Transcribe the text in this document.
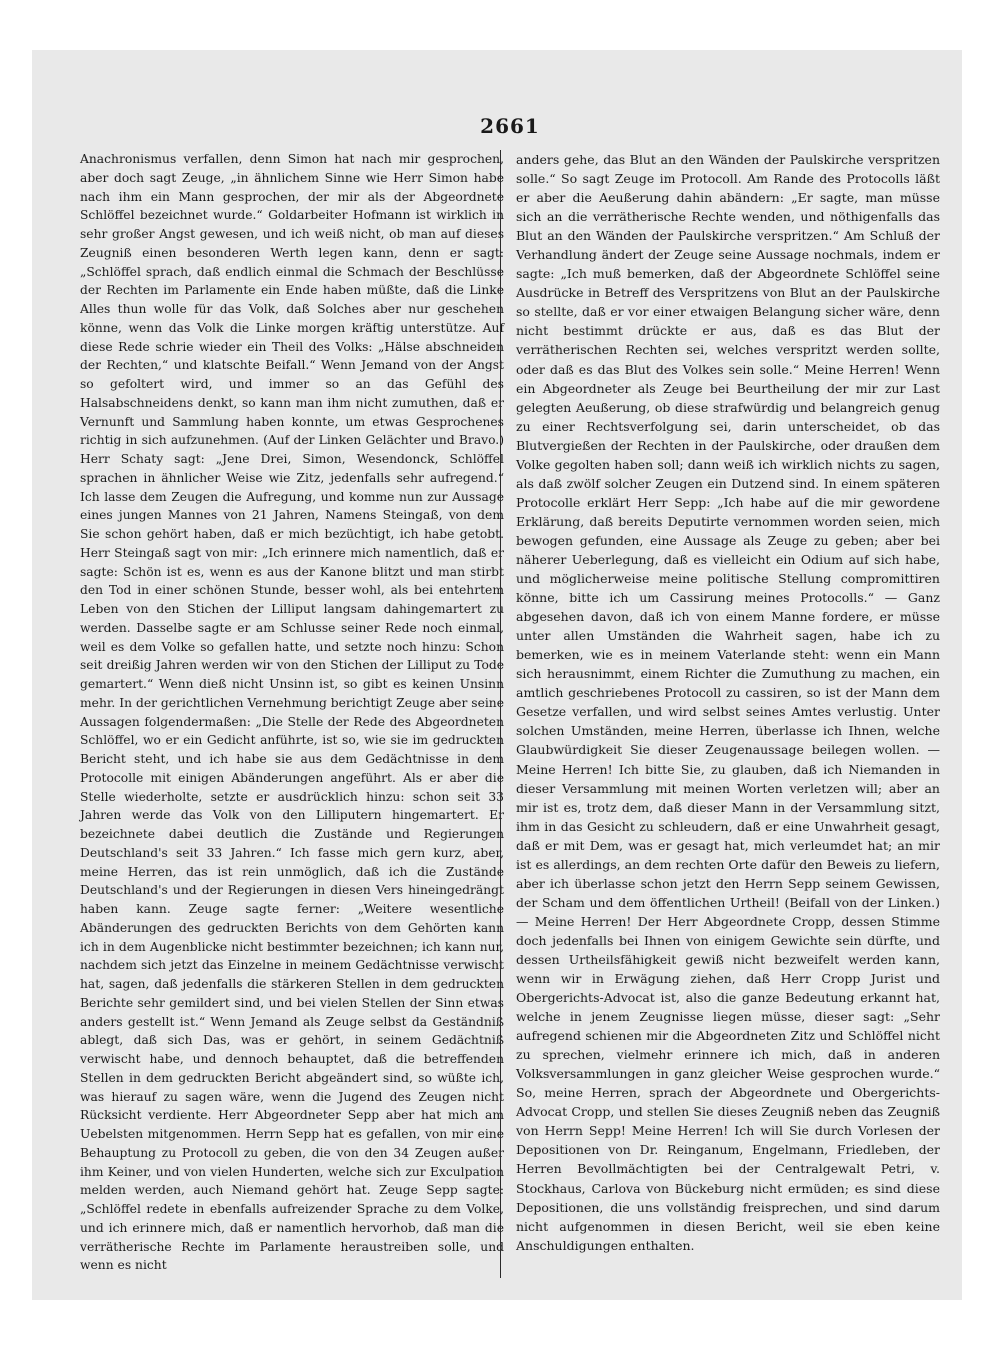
2661

Anachronismus verfallen, denn Simon hat nach mir gesprochen, aber doch sagt Zeuge, „in ähnlichem Sinne wie Herr Simon habe nach ihm ein Mann gesprochen, der mir als der Abgeordnete Schlöffel bezeichnet wurde.“ Goldarbeiter Hofmann ist wirklich in sehr großer Angst gewesen, und ich weiß nicht, ob man auf dieses Zeugniß einen besonderen Werth legen kann, denn er sagt: „Schlöffel sprach, daß endlich einmal die Schmach der Beschlüsse der Rechten im Parlamente ein Ende haben müßte, daß die Linke Alles thun wolle für das Volk, daß Solches aber nur geschehen könne, wenn das Volk die Linke morgen kräftig unterstütze. Auf diese Rede schrie wieder ein Theil des Volks: „Hälse abschneiden der Rechten,“ und klatschte Beifall.“ Wenn Jemand von der Angst so gefoltert wird, und immer so an das Gefühl des Halsabschneidens denkt, so kann man ihm nicht zumuthen, daß er Vernunft und Sammlung haben konnte, um etwas Gesprochenes richtig in sich aufzunehmen. (Auf der Linken Gelächter und Bravo.) Herr Schaty sagt: „Jene Drei, Simon, Wesendonck, Schlöffel sprachen in ähnlicher Weise wie Zitz, jedenfalls sehr aufregend.“ Ich lasse dem Zeugen die Aufregung, und komme nun zur Aussage eines jungen Mannes von 21 Jahren, Namens Steingaß, von dem Sie schon gehört haben, daß er mich bezüchtigt, ich habe getobt. Herr Steingaß sagt von mir: „Ich erinnere mich namentlich, daß er sagte: Schön ist es, wenn es aus der Kanone blitzt und man stirbt den Tod in einer schönen Stunde, besser wohl, als bei entehrtem Leben von den Stichen der Lilliput langsam dahingemartert zu werden. Dasselbe sagte er am Schlusse seiner Rede noch einmal, weil es dem Volke so gefallen hatte, und setzte noch hinzu: Schon seit dreißig Jahren werden wir von den Stichen der Lilliput zu Tode gemartert.“ Wenn dieß nicht Unsinn ist, so gibt es keinen Unsinn mehr. In der gerichtlichen Vernehmung berichtigt Zeuge aber seine Aussagen folgendermaßen: „Die Stelle der Rede des Abgeordneten Schlöffel, wo er ein Gedicht anführte, ist so, wie sie im gedruckten Bericht steht, und ich habe sie aus dem Gedächtnisse in dem Protocolle mit einigen Abänderungen angeführt. Als er aber die Stelle wiederholte, setzte er ausdrücklich hinzu: schon seit 33 Jahren werde das Volk von den Lilliputern hingemartert. Er bezeichnete dabei deutlich die Zustände und Regierungen Deutschland's seit 33 Jahren.“ Ich fasse mich gern kurz, aber, meine Herren, das ist rein unmöglich, daß ich die Zustände Deutschland's und der Regierungen in diesen Vers hineingedrängt haben kann. Zeuge sagte ferner: „Weitere wesentliche Abänderungen des gedruckten Berichts von dem Gehörten kann ich in dem Augenblicke nicht bestimmter bezeichnen; ich kann nur, nachdem sich jetzt das Einzelne in meinem Gedächtnisse verwischt hat, sagen, daß jedenfalls die stärkeren Stellen in dem gedruckten Berichte sehr gemildert sind, und bei vielen Stellen der Sinn etwas anders gestellt ist.“ Wenn Jemand als Zeuge selbst da Geständniß ablegt, daß sich Das, was er gehört, in seinem Gedächtniß verwischt habe, und dennoch behauptet, daß die betreffenden Stellen in dem gedruckten Bericht abgeändert sind, so wüßte ich, was hierauf zu sagen wäre, wenn die Jugend des Zeugen nicht Rücksicht verdiente. Herr Abgeordneter Sepp aber hat mich am Uebelsten mitgenommen. Herrn Sepp hat es gefallen, von mir eine Behauptung zu Protocoll zu geben, die von den 34 Zeugen außer ihm Keiner, und von vielen Hunderten, welche sich zur Exculpation melden werden, auch Niemand gehört hat. Zeuge Sepp sagte: „Schlöffel redete in ebenfalls aufreizender Sprache zu dem Volke, und ich erinnere mich, daß er namentlich hervorhob, daß man die verrätherische Rechte im Parlamente heraustreiben solle, und wenn es nicht

anders gehe, das Blut an den Wänden der Paulskirche verspritzen solle.“ So sagt Zeuge im Protocoll. Am Rande des Protocolls läßt er aber die Aeußerung dahin abändern: „Er sagte, man müsse sich an die verrätherische Rechte wenden, und nöthigenfalls das Blut an den Wänden der Paulskirche verspritzen.“ Am Schluß der Verhandlung ändert der Zeuge seine Aussage nochmals, indem er sagte: „Ich muß bemerken, daß der Abgeordnete Schlöffel seine Ausdrücke in Betreff des Verspritzens von Blut an der Paulskirche so stellte, daß er vor einer etwaigen Belangung sicher wäre, denn nicht bestimmt drückte er aus, daß es das Blut der verrätherischen Rechten sei, welches verspritzt werden sollte, oder daß es das Blut des Volkes sein solle.“ Meine Herren! Wenn ein Abgeordneter als Zeuge bei Beurtheilung der mir zur Last gelegten Aeußerung, ob diese strafwürdig und belangreich genug zu einer Rechtsverfolgung sei, darin unterscheidet, ob das Blutvergießen der Rechten in der Paulskirche, oder draußen dem Volke gegolten haben soll; dann weiß ich wirklich nichts zu sagen, als daß zwölf solcher Zeugen ein Dutzend sind. In einem späteren Protocolle erklärt Herr Sepp: „Ich habe auf die mir gewordene Erklärung, daß bereits Deputirte vernommen worden seien, mich bewogen gefunden, eine Aussage als Zeuge zu geben; aber bei näherer Ueberlegung, daß es vielleicht ein Odium auf sich habe, und möglicherweise meine politische Stellung compromittiren könne, bitte ich um Cassirung meines Protocolls.“ — Ganz abgesehen davon, daß ich von einem Manne fordere, er müsse unter allen Umständen die Wahrheit sagen, habe ich zu bemerken, wie es in meinem Vaterlande steht: wenn ein Mann sich herausnimmt, einem Richter die Zumuthung zu machen, ein amtlich geschriebenes Protocoll zu cassiren, so ist der Mann dem Gesetze verfallen, und wird selbst seines Amtes verlustig. Unter solchen Umständen, meine Herren, überlasse ich Ihnen, welche Glaubwürdigkeit Sie dieser Zeugenaussage beilegen wollen. — Meine Herren! Ich bitte Sie, zu glauben, daß ich Niemanden in dieser Versammlung mit meinen Worten verletzen will; aber an mir ist es, trotz dem, daß dieser Mann in der Versammlung sitzt, ihm in das Gesicht zu schleudern, daß er eine Unwahrheit gesagt, daß er mit Dem, was er gesagt hat, mich verleumdet hat; an mir ist es allerdings, an dem rechten Orte dafür den Beweis zu liefern, aber ich überlasse schon jetzt den Herrn Sepp seinem Gewissen, der Scham und dem öffentlichen Urtheil! (Beifall von der Linken.) — Meine Herren! Der Herr Abgeordnete Cropp, dessen Stimme doch jedenfalls bei Ihnen von einigem Gewichte sein dürfte, und dessen Urtheilsfähigkeit gewiß nicht bezweifelt werden kann, wenn wir in Erwägung ziehen, daß Herr Cropp Jurist und Obergerichts-Advocat ist, also die ganze Bedeutung erkannt hat, welche in jenem Zeugnisse liegen müsse, dieser sagt: „Sehr aufregend schienen mir die Abgeordneten Zitz und Schlöffel nicht zu sprechen, vielmehr erinnere ich mich, daß in anderen Volksversammlungen in ganz gleicher Weise gesprochen wurde.“ So, meine Herren, sprach der Abgeordnete und Obergerichts-Advocat Cropp, und stellen Sie dieses Zeugniß neben das Zeugniß von Herrn Sepp! Meine Herren! Ich will Sie durch Vorlesen der Depositionen von Dr. Reinganum, Engelmann, Friedleben, der Herren Bevollmächtigten bei der Centralgewalt Petri, v. Stockhaus, Carlova von Bückeburg nicht ermüden; es sind diese Depositionen, die uns vollständig freisprechen, und sind darum nicht aufgenommen in diesen Bericht, weil sie eben keine Anschuldigungen enthalten.
